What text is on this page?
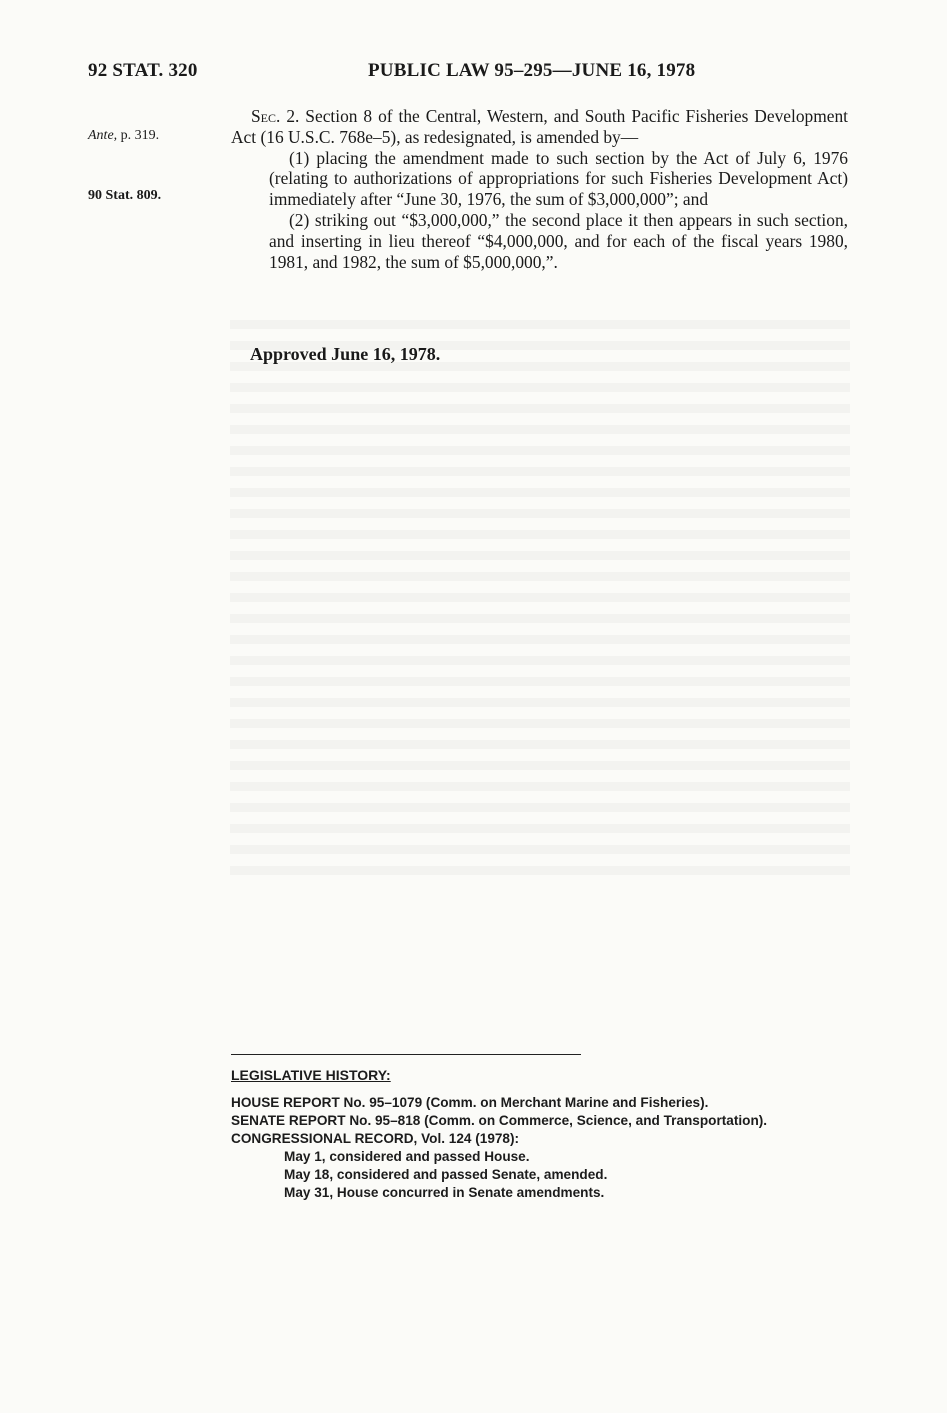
92 STAT. 320	PUBLIC LAW 95–295—JUNE 16, 1978
Ante, p. 319.
90 Stat. 809.

Sec. 2. Section 8 of the Central, Western, and South Pacific Fisheries Development Act (16 U.S.C. 768e–5), as redesignated, is amended by—

(1) placing the amendment made to such section by the Act of July 6, 1976 (relating to authorizations of appropriations for such Fisheries Development Act) immediately after “June 30, 1976, the sum of $3,000,000”; and

(2) striking out “$3,000,000,” the second place it then appears in such section, and inserting in lieu thereof “$4,000,000, and for each of the fiscal years 1980, 1981, and 1982, the sum of $5,000,000,”.

Approved June 16, 1978.
LEGISLATIVE HISTORY:
HOUSE REPORT No. 95–1079 (Comm. on Merchant Marine and Fisheries).
SENATE REPORT No. 95–818 (Comm. on Commerce, Science, and Transportation).
CONGRESSIONAL RECORD, Vol. 124 (1978):
May 1, considered and passed House.
May 18, considered and passed Senate, amended.
May 31, House concurred in Senate amendments.
